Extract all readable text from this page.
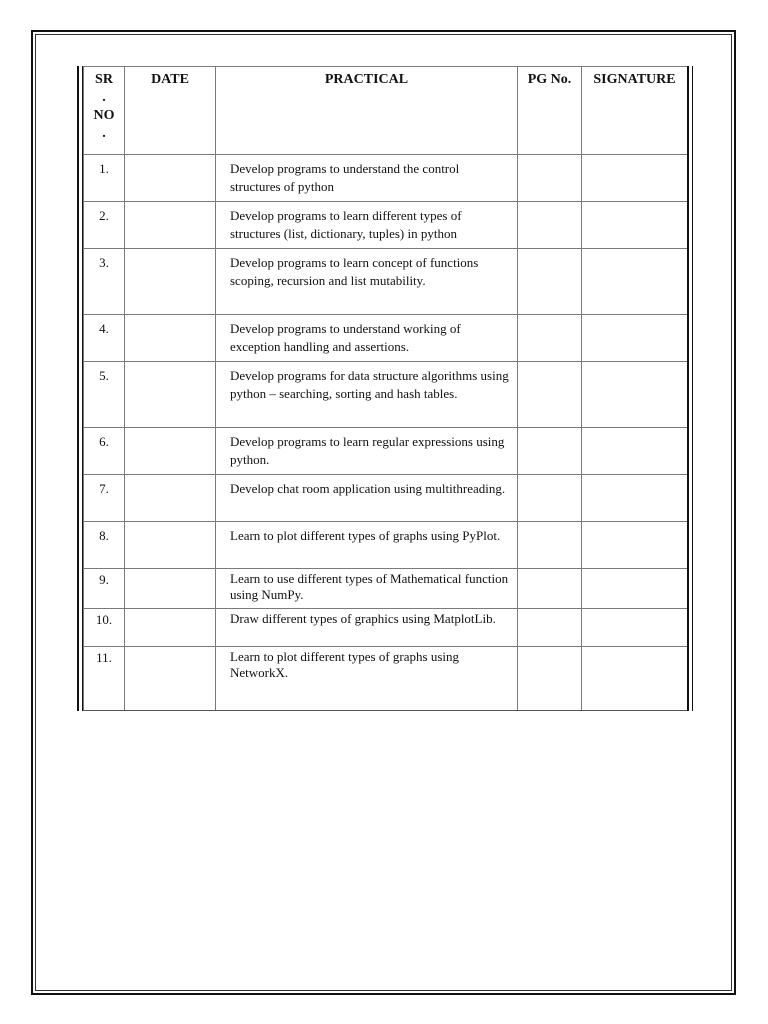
SR
.
NO
.	DATE	PRACTICAL	PG No.	SIGNATURE
1.		Develop programs to understand the control structures of python		

2.		Develop programs to learn different types of structures (list, dictionary, tuples) in python		

3.		Develop programs to learn concept of functions scoping, recursion and list mutability.		

4.		Develop programs to understand working of exception handling and assertions.		

5.		Develop programs for data structure algorithms using python – searching, sorting and hash tables.		

6.		Develop programs to learn regular expressions using python.		

7.		Develop chat room application using multithreading.		

8.		Learn to plot different types of graphs using PyPlot.		

9.		Learn to use different types of Mathematical function using NumPy.		

10.		Draw different types of graphics using MatplotLib.		

11.		Learn to plot different types of graphs using NetworkX.		
